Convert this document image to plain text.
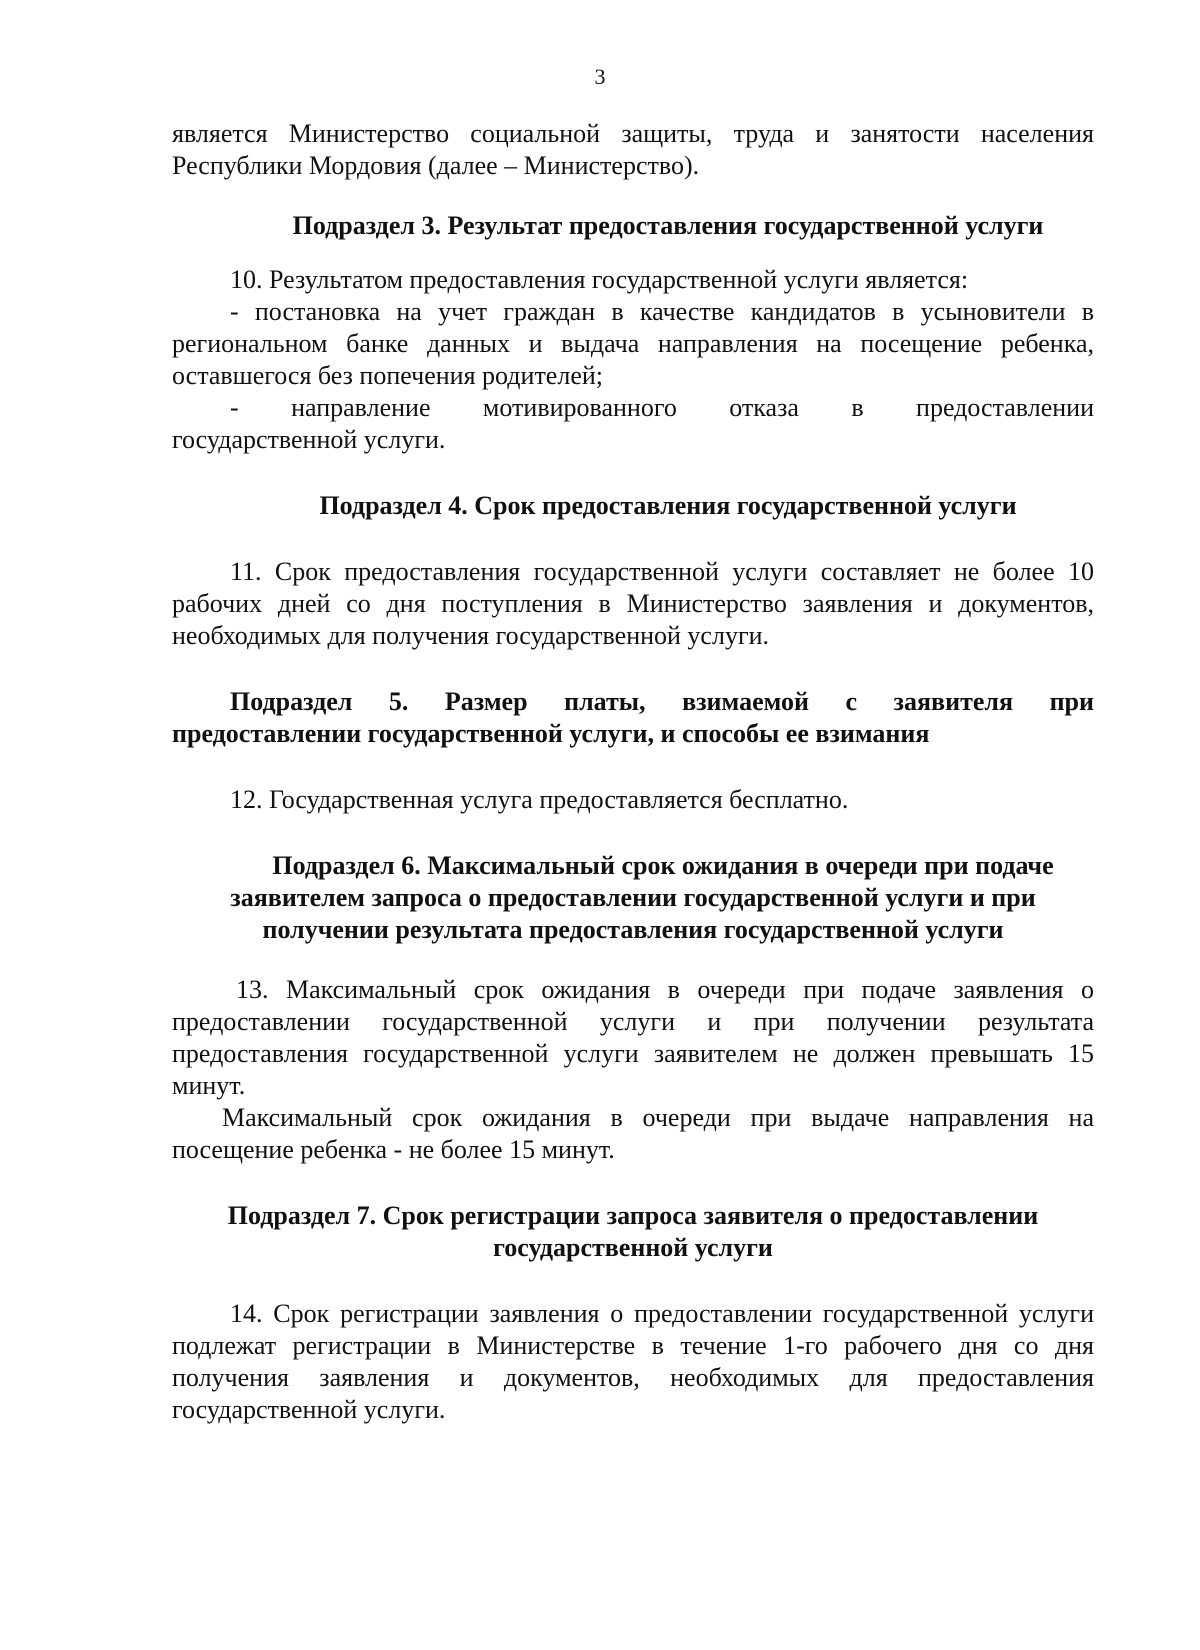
3

является Министерство социальной защиты, труда и занятости населения

Республики Мордовия (далее – Министерство).

Подраздел 3. Результат предоставления государственной услуги

10. Результатом предоставления государственной услуги является:

- постановка на учет граждан в качестве кандидатов в усыновители в региональном банке данных и выдача направления на посещение ребенка, оставшегося без попечения родителей;

-      направление      мотивированного      отказа      в      предоставлении

государственной услуги.

Подраздел 4. Срок предоставления государственной услуги

11. Срок предоставления государственной услуги составляет не более 10 рабочих дней со дня поступления в Министерство заявления и документов, необходимых для получения государственной услуги.

Подраздел    5.    Размер    платы,    взимаемой    с    заявителя    при

предоставлении государственной услуги, и способы ее взимания

12. Государственная услуга предоставляется бесплатно.

Подраздел 6. Максимальный срок ожидания в очереди при подаче

заявителем запроса о предоставлении государственной услуги и при

получении результата предоставления государственной услуги

13. Максимальный срок ожидания в очереди при подаче заявления о предоставлении государственной услуги и при получении результата предоставления государственной услуги заявителем не должен превышать 15 минут.

Максимальный срок ожидания в очереди при выдаче направления на посещение ребенка - не более 15 минут.

Подраздел 7. Срок регистрации запроса заявителя о предоставлении

государственной услуги

14. Срок регистрации заявления о предоставлении государственной услуги подлежат регистрации в Министерстве в течение 1-го рабочего дня со дня получения заявления и документов, необходимых для предоставления государственной услуги.
